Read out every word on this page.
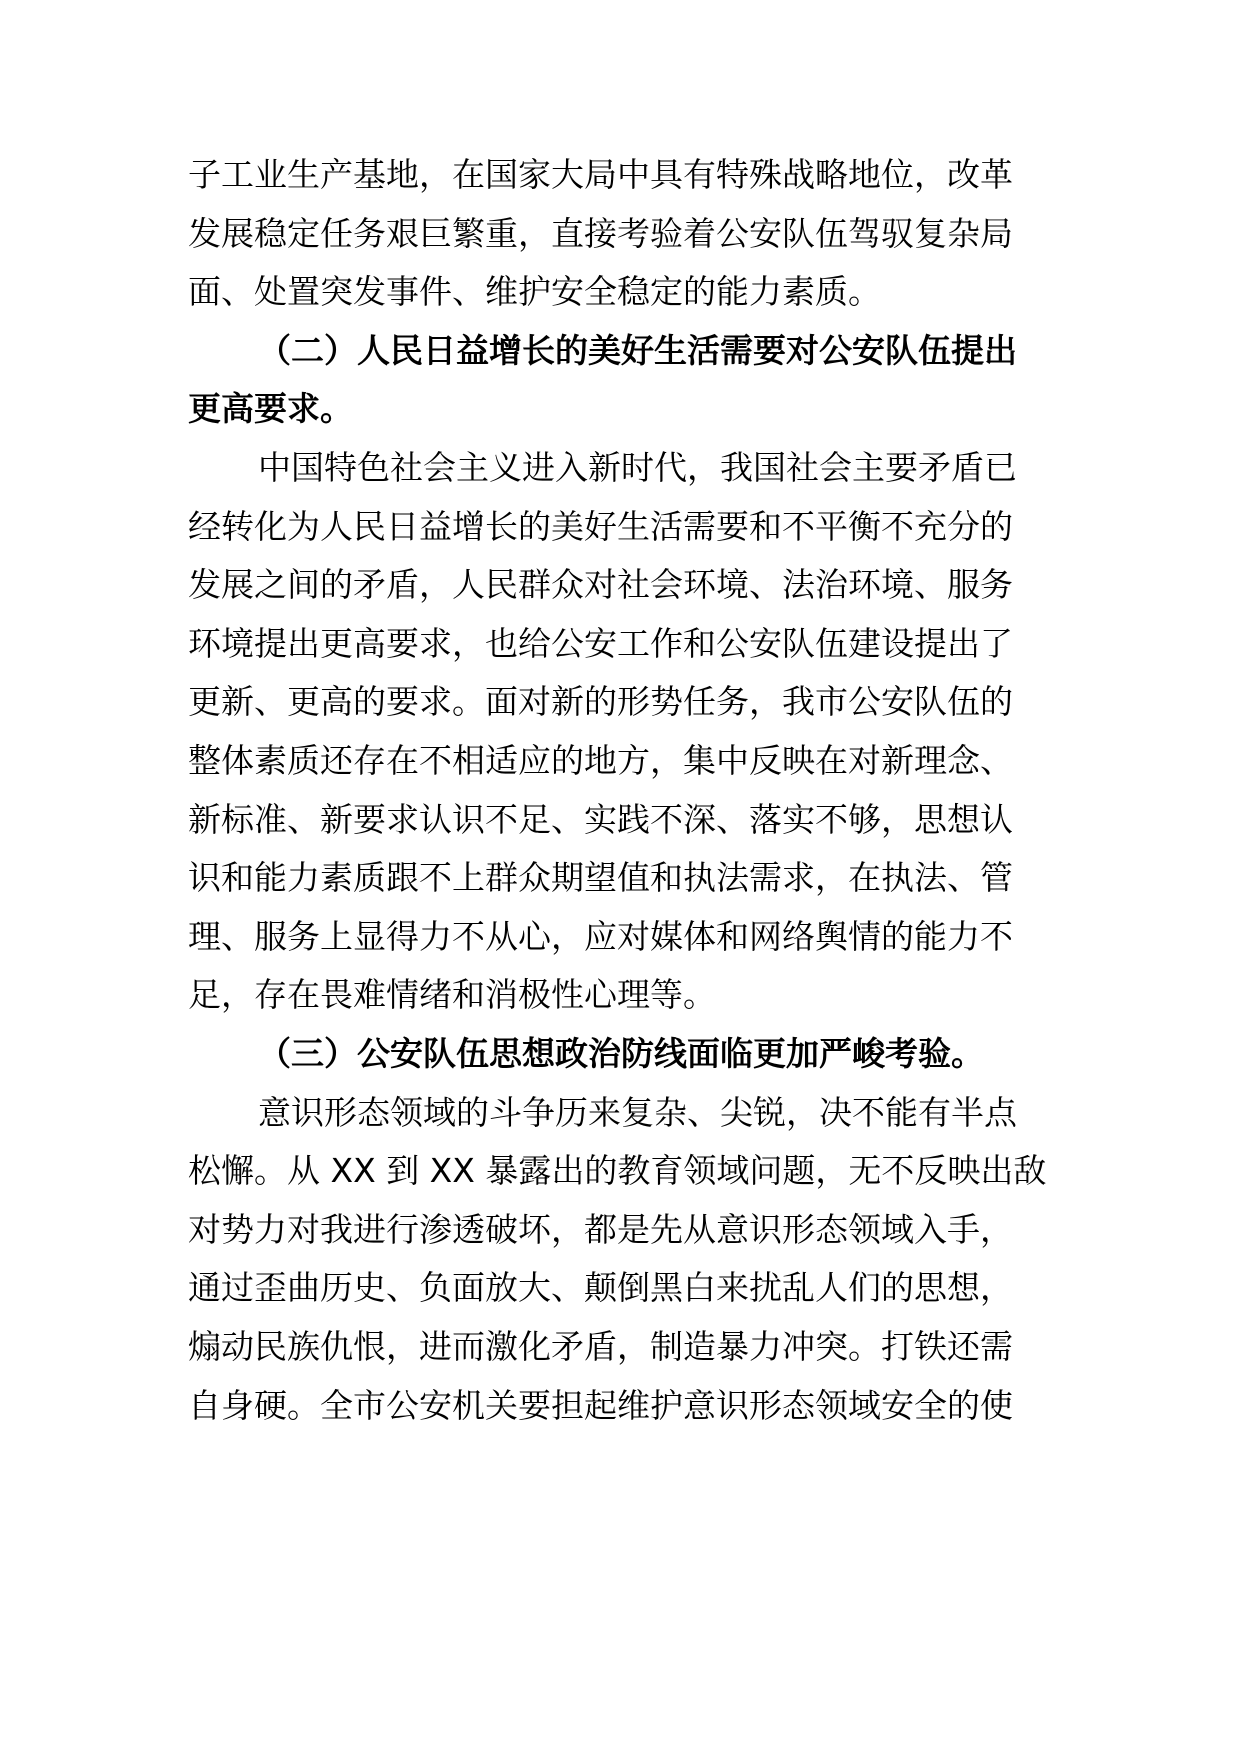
子工业生产基地，在国家大局中具有特殊战略地位，改革
发展稳定任务艰巨繁重，直接考验着公安队伍驾驭复杂局
面、处置突发事件、维护安全稳定的能力素质。
（二）人民日益增长的美好生活需要对公安队伍提出
更高要求。
中国特色社会主义进入新时代，我国社会主要矛盾已
经转化为人民日益增长的美好生活需要和不平衡不充分的
发展之间的矛盾，人民群众对社会环境、法治环境、服务
环境提出更高要求，也给公安工作和公安队伍建设提出了
更新、更高的要求。面对新的形势任务，我市公安队伍的
整体素质还存在不相适应的地方，集中反映在对新理念、
新标准、新要求认识不足、实践不深、落实不够，思想认
识和能力素质跟不上群众期望值和执法需求，在执法、管
理、服务上显得力不从心，应对媒体和网络舆情的能力不
足，存在畏难情绪和消极性心理等。
（三）公安队伍思想政治防线面临更加严峻考验。
意识形态领域的斗争历来复杂、尖锐，决不能有半点
松懈。从 XX 到 XX 暴露出的教育领域问题，无不反映出敌
对势力对我进行渗透破坏，都是先从意识形态领域入手，
通过歪曲历史、负面放大、颠倒黑白来扰乱人们的思想，
煽动民族仇恨，进而激化矛盾，制造暴力冲突。打铁还需
自身硬。全市公安机关要担起维护意识形态领域安全的使
